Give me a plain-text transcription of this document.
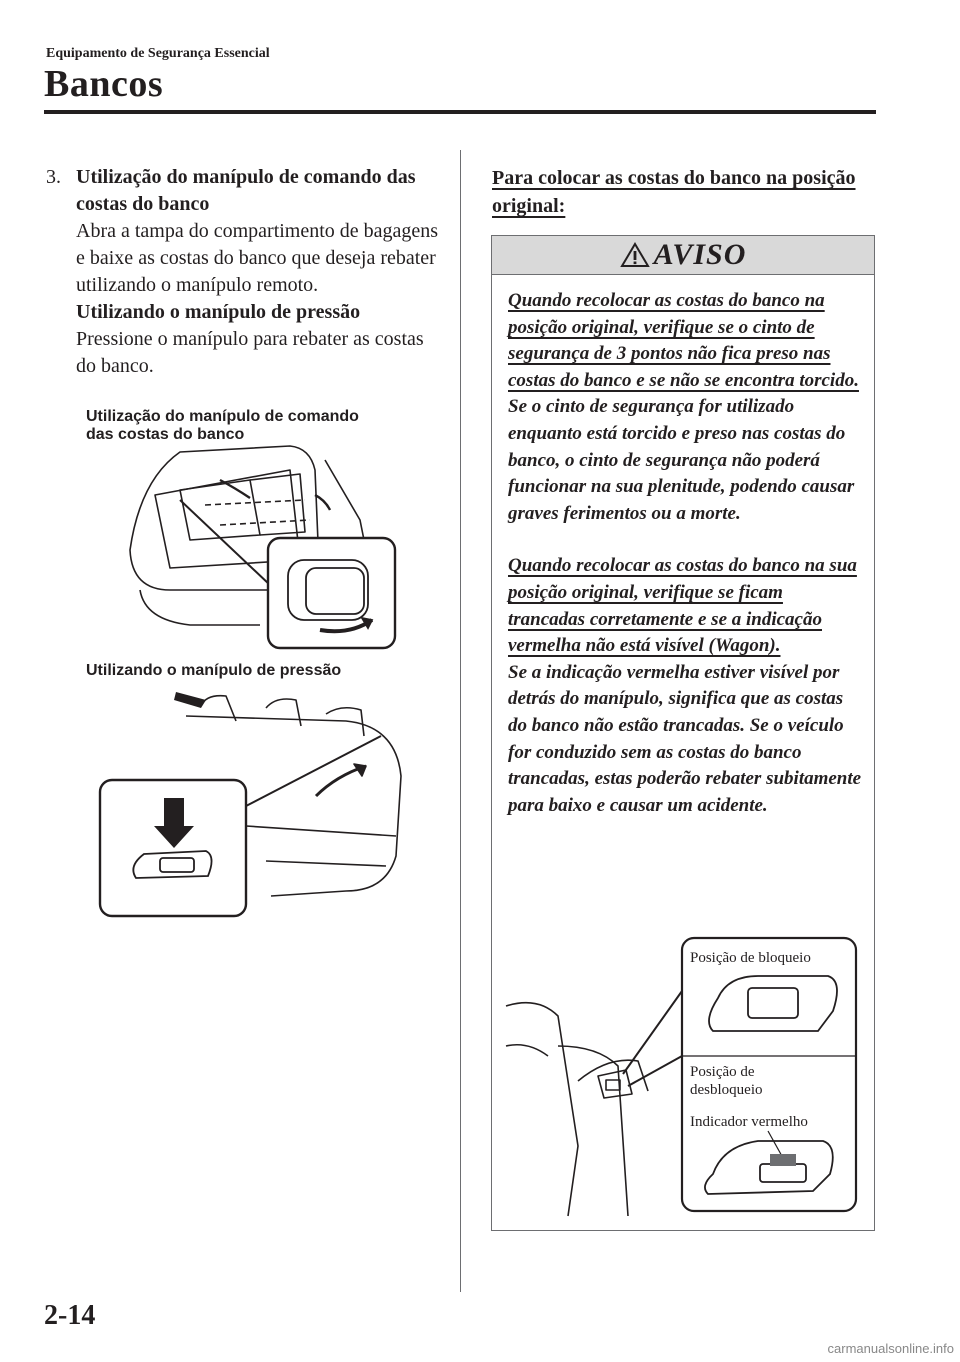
Equipamento de Segurança Essencial
Bancos
3. Utilização do manípulo de comando das costas do banco
Abra a tampa do compartimento de bagagens e baixe as costas do banco que deseja rebater utilizando o manípulo remoto.
Utilizando o manípulo de pressão
Pressione o manípulo para rebater as costas do banco.
Utilização do manípulo de comando
das costas do banco
Utilizando o manípulo de pressão
Para colocar as costas do banco na posição original:
AVISO

Quando recolocar as costas do banco na posição original, verifique se o cinto de segurança de 3 pontos não fica preso nas costas do banco e se não se encontra torcido.

Se o cinto de segurança for utilizado enquanto está torcido e preso nas costas do banco, o cinto de segurança não poderá funcionar na sua plenitude, podendo causar graves ferimentos ou a morte.

Quando recolocar as costas do banco na sua posição original, verifique se ficam trancadas corretamente e se a indicação vermelha não está visível (Wagon).

Se a indicação vermelha estiver visível por detrás do manípulo, significa que as costas do banco não estão trancadas. Se o veículo for conduzido sem as costas do banco trancadas, estas poderão rebater subitamente para baixo e causar um acidente.

Posição de bloqueio
Posição de
desbloqueio
Indicador vermelho
2-14
carmanualsonline.info
